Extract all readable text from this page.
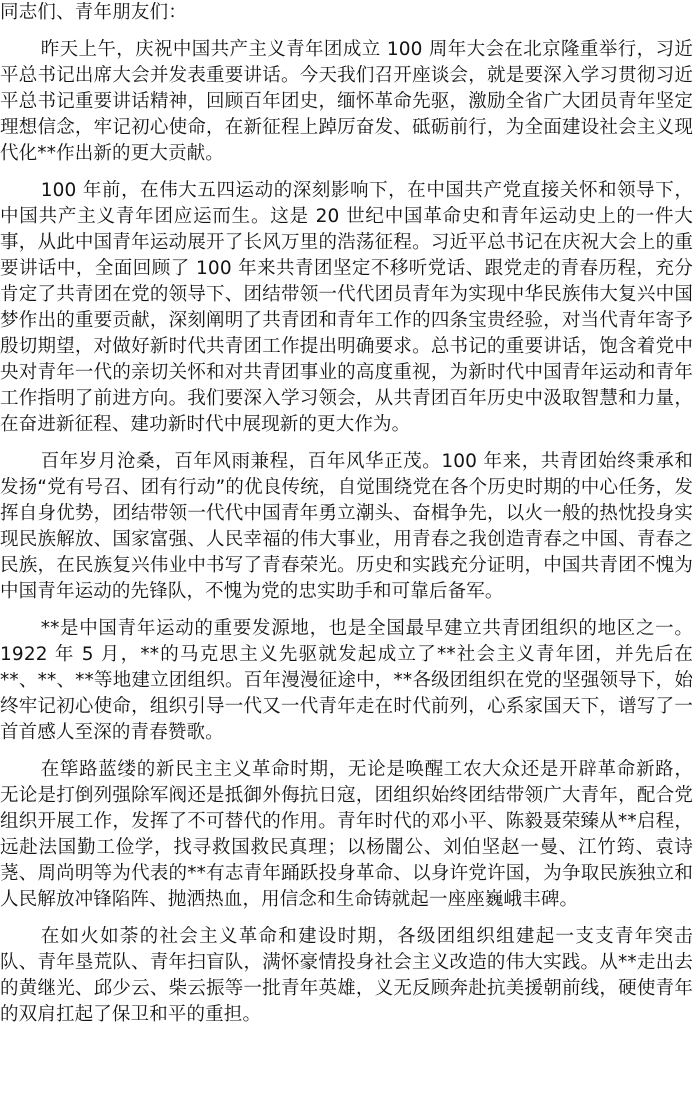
同志们、青年朋友们：

昨天上午，庆祝中国共产主义青年团成立 100 周年大会在北京隆重举行，习近平总书记出席大会并发表重要讲话。今天我们召开座谈会，就是要深入学习贯彻习近平总书记重要讲话精神，回顾百年团史，缅怀革命先驱，激励全省广大团员青年坚定理想信念，牢记初心使命，在新征程上踔厉奋发、砥砺前行，为全面建设社会主义现代化**作出新的更大贡献。

100 年前，在伟大五四运动的深刻影响下，在中国共产党直接关怀和领导下，中国共产主义青年团应运而生。这是 20 世纪中国革命史和青年运动史上的一件大事，从此中国青年运动展开了长风万里的浩荡征程。习近平总书记在庆祝大会上的重要讲话中，全面回顾了 100 年来共青团坚定不移听党话、跟党走的青春历程，充分肯定了共青团在党的领导下、团结带领一代代团员青年为实现中华民族伟大复兴中国梦作出的重要贡献，深刻阐明了共青团和青年工作的四条宝贵经验，对当代青年寄予殷切期望，对做好新时代共青团工作提出明确要求。总书记的重要讲话，饱含着党中央对青年一代的亲切关怀和对共青团事业的高度重视，为新时代中国青年运动和青年工作指明了前进方向。我们要深入学习领会，从共青团百年历史中汲取智慧和力量，在奋进新征程、建功新时代中展现新的更大作为。

百年岁月沧桑，百年风雨兼程，百年风华正茂。100 年来，共青团始终秉承和发扬“党有号召、团有行动”的优良传统，自觉围绕党在各个历史时期的中心任务，发挥自身优势，团结带领一代代中国青年勇立潮头、奋楫争先，以火一般的热忱投身实现民族解放、国家富强、人民幸福的伟大事业，用青春之我创造青春之中国、青春之民族，在民族复兴伟业中书写了青春荣光。历史和实践充分证明，中国共青团不愧为中国青年运动的先锋队，不愧为党的忠实助手和可靠后备军。

**是中国青年运动的重要发源地，也是全国最早建立共青团组织的地区之一。1922 年 5 月，**的马克思主义先驱就发起成立了**社会主义青年团，并先后在**、**、**等地建立团组织。百年漫漫征途中，**各级团组织在党的坚强领导下，始终牢记初心使命，组织引导一代又一代青年走在时代前列，心系家国天下，谱写了一首首感人至深的青春赞歌。

在筚路蓝缕的新民主主义革命时期，无论是唤醒工农大众还是开辟革命新路，无论是打倒列强除军阀还是抵御外侮抗日寇，团组织始终团结带领广大青年，配合党组织开展工作，发挥了不可替代的作用。青年时代的邓小平、陈毅聂荣臻从**启程，远赴法国勤工俭学，找寻救国救民真理；以杨闇公、刘伯坚赵一曼、江竹筠、袁诗荛、周尚明等为代表的**有志青年踊跃投身革命、以身许党许国，为争取民族独立和人民解放冲锋陷阵、抛洒热血，用信念和生命铸就起一座座巍峨丰碑。

在如火如荼的社会主义革命和建设时期，各级团组织组建起一支支青年突击队、青年垦荒队、青年扫盲队，满怀豪情投身社会主义改造的伟大实践。从**走出去的黄继光、邱少云、柴云振等一批青年英雄，义无反顾奔赴抗美援朝前线，硬使青年的双肩扛起了保卫和平的重担。
